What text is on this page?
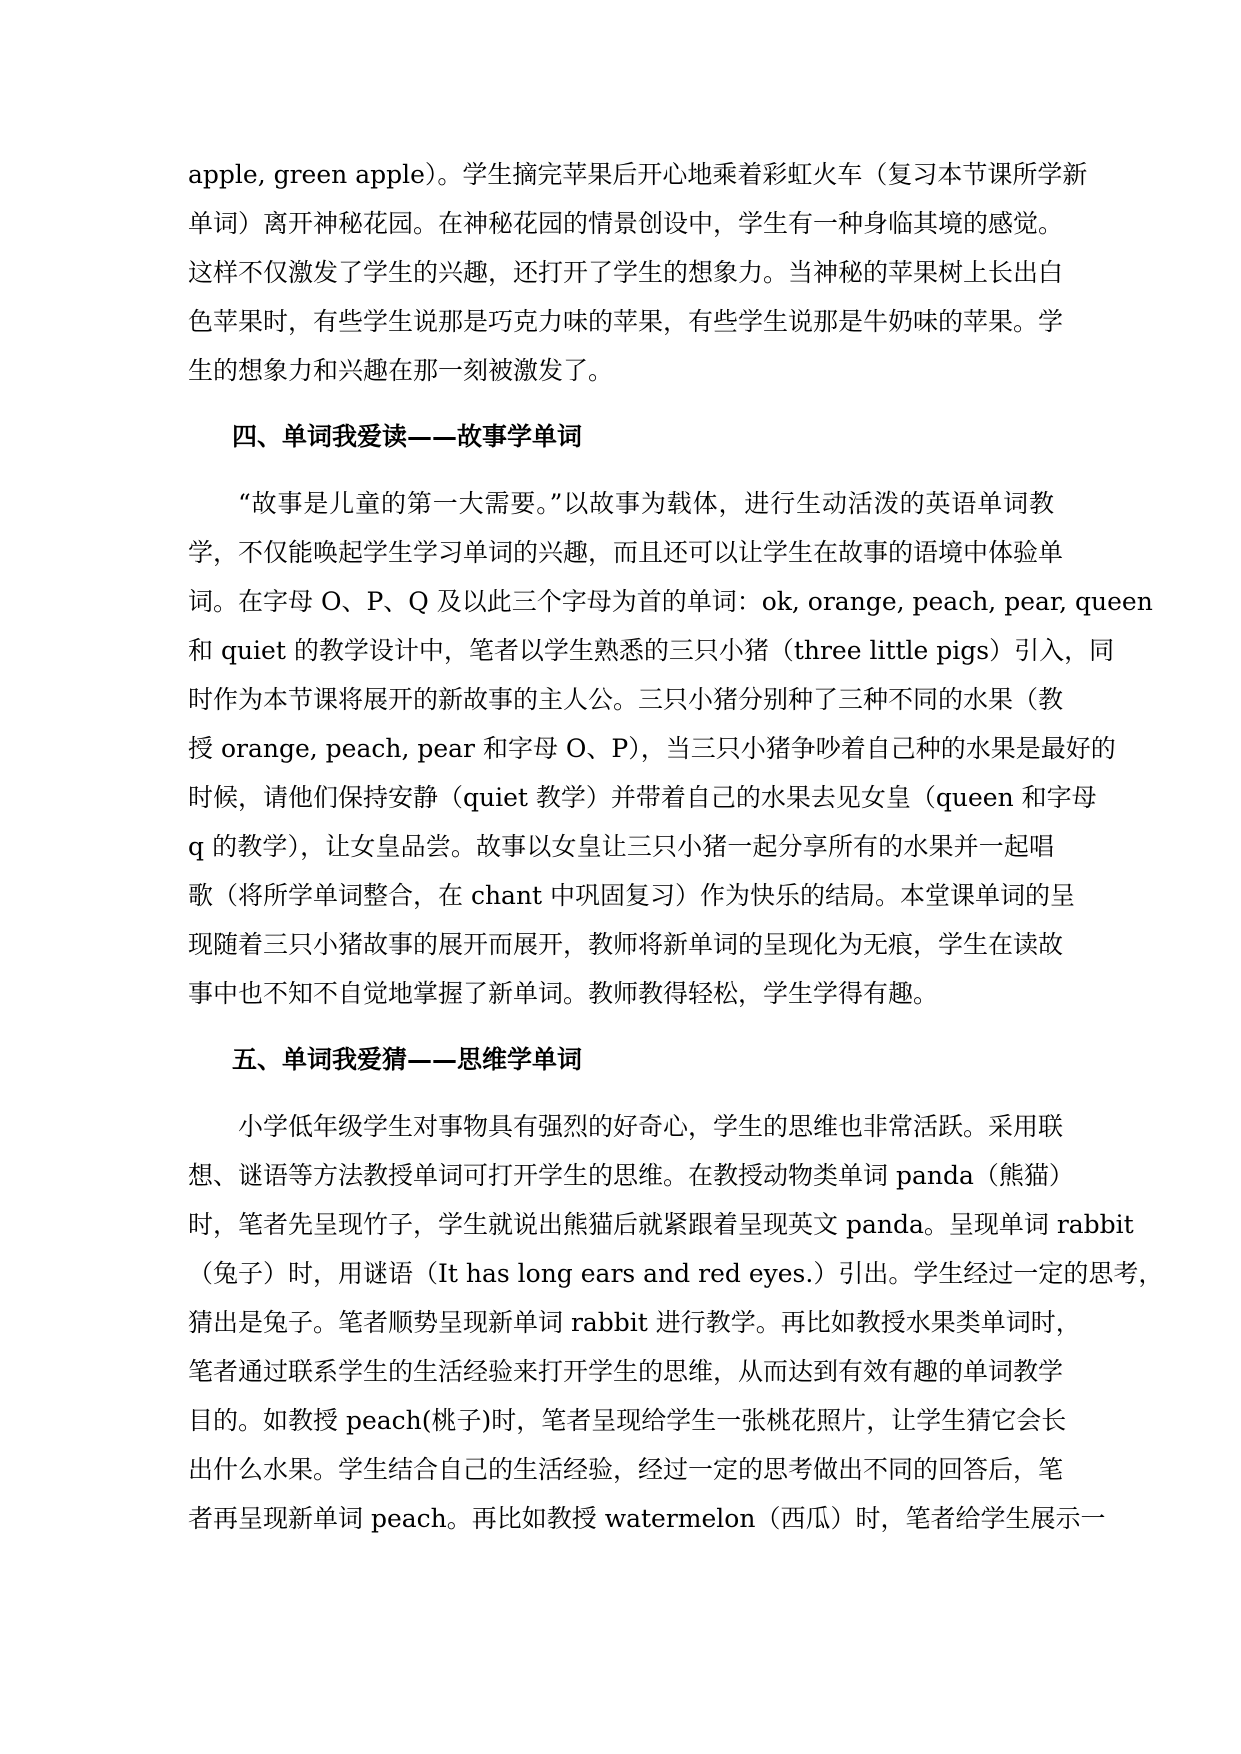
apple, green apple）。学生摘完苹果后开心地乘着彩虹火车（复习本节课所学新
单词）离开神秘花园。在神秘花园的情景创设中，学生有一种身临其境的感觉。
这样不仅激发了学生的兴趣，还打开了学生的想象力。当神秘的苹果树上长出白
色苹果时，有些学生说那是巧克力味的苹果，有些学生说那是牛奶味的苹果。学
生的想象力和兴趣在那一刻被激发了。
四、单词我爱读——故事学单词
“故事是儿童的第一大需要。”以故事为载体，进行生动活泼的英语单词教
学，不仅能唤起学生学习单词的兴趣，而且还可以让学生在故事的语境中体验单
词。在字母 O、P、Q 及以此三个字母为首的单词：ok, orange, peach, pear, queen
和 quiet 的教学设计中，笔者以学生熟悉的三只小猪（three little pigs）引入，同
时作为本节课将展开的新故事的主人公。三只小猪分别种了三种不同的水果（教
授 orange, peach, pear 和字母 O、P），当三只小猪争吵着自己种的水果是最好的
时候，请他们保持安静（quiet 教学）并带着自己的水果去见女皇（queen 和字母
q 的教学），让女皇品尝。故事以女皇让三只小猪一起分享所有的水果并一起唱
歌（将所学单词整合，在 chant 中巩固复习）作为快乐的结局。本堂课单词的呈
现随着三只小猪故事的展开而展开，教师将新单词的呈现化为无痕，学生在读故
事中也不知不自觉地掌握了新单词。教师教得轻松，学生学得有趣。
五、单词我爱猜——思维学单词
小学低年级学生对事物具有强烈的好奇心，学生的思维也非常活跃。采用联
想、谜语等方法教授单词可打开学生的思维。在教授动物类单词 panda（熊猫）
时，笔者先呈现竹子，学生就说出熊猫后就紧跟着呈现英文 panda。呈现单词 rabbit
（兔子）时，用谜语（It has long ears and red eyes.）引出。学生经过一定的思考，
猜出是兔子。笔者顺势呈现新单词 rabbit 进行教学。再比如教授水果类单词时，
笔者通过联系学生的生活经验来打开学生的思维，从而达到有效有趣的单词教学
目的。如教授 peach(桃子)时，笔者呈现给学生一张桃花照片，让学生猜它会长
出什么水果。学生结合自己的生活经验，经过一定的思考做出不同的回答后，笔
者再呈现新单词 peach。再比如教授 watermelon（西瓜）时，笔者给学生展示一
